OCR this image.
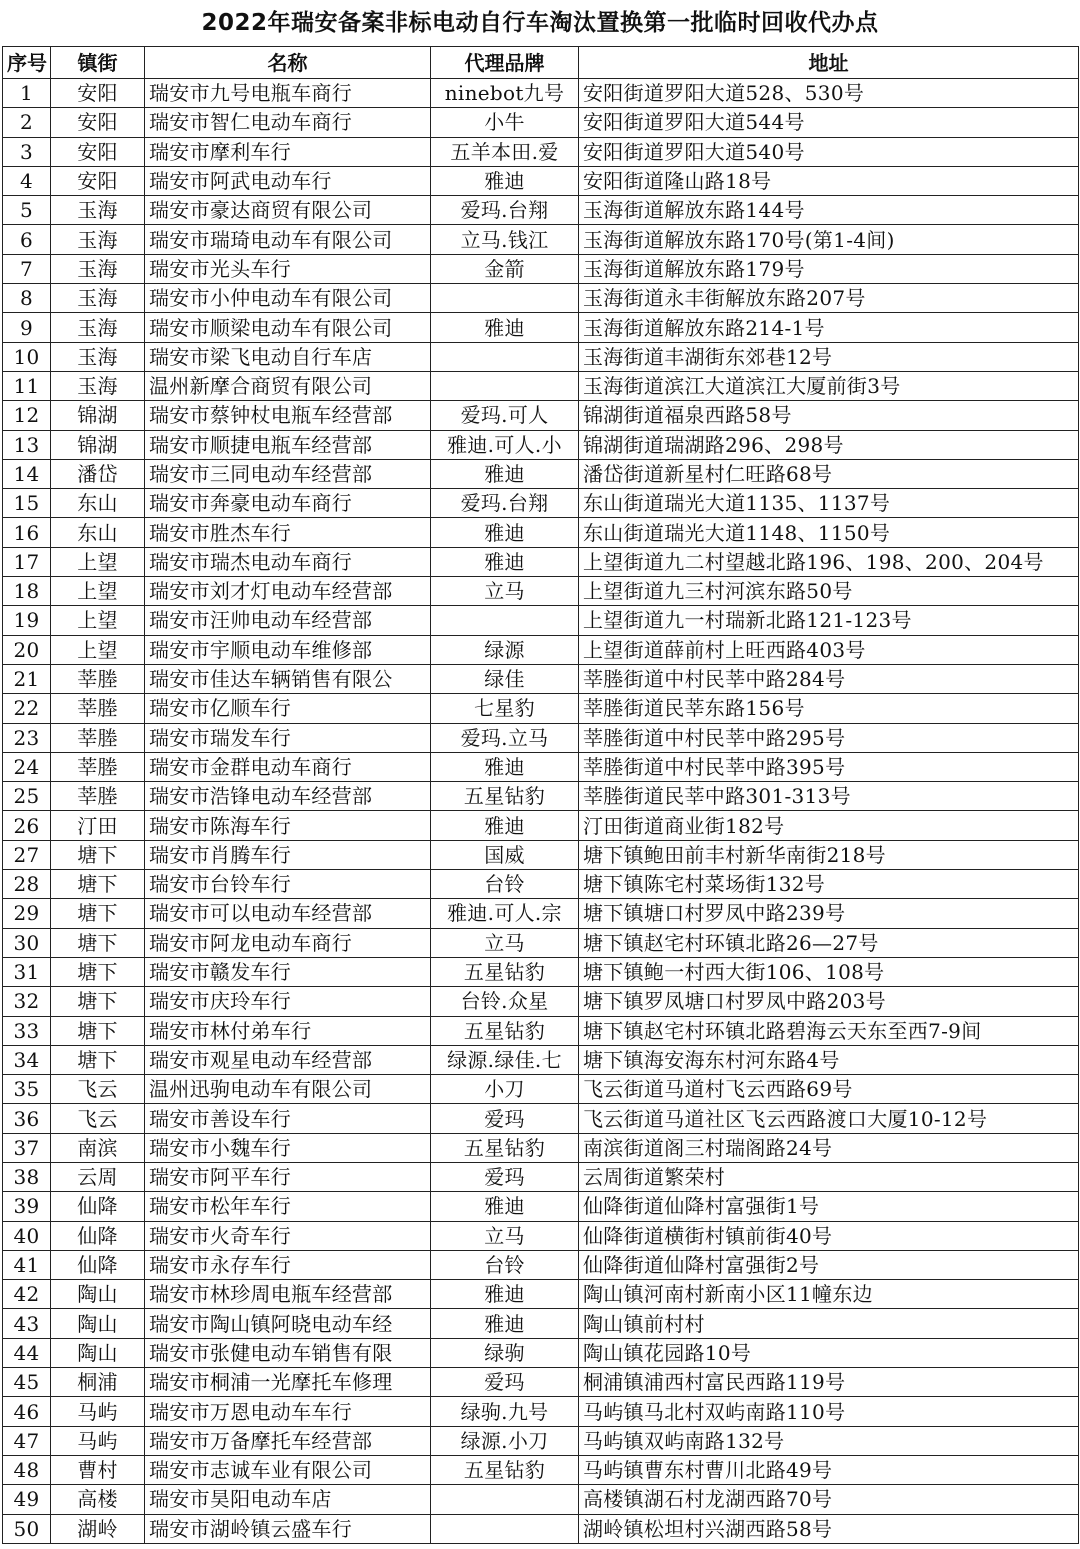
2022年瑞安备案非标电动自行车淘汰置换第一批临时回收代办点
序号	镇街	名称	代理品牌	地址
1	安阳	瑞安市九号电瓶车商行	ninebot九号	安阳街道罗阳大道528、530号
2	安阳	瑞安市智仁电动车商行	小牛	安阳街道罗阳大道544号
3	安阳	瑞安市摩利车行	五羊本田.爱	安阳街道罗阳大道540号
4	安阳	瑞安市阿武电动车行	雅迪	安阳街道隆山路18号
5	玉海	瑞安市豪达商贸有限公司	爱玛.台翔	玉海街道解放东路144号
6	玉海	瑞安市瑞琦电动车有限公司	立马.钱江	玉海街道解放东路170号(第1-4间)
7	玉海	瑞安市光头车行	金箭	玉海街道解放东路179号
8	玉海	瑞安市小仲电动车有限公司		玉海街道永丰街解放东路207号
9	玉海	瑞安市顺梁电动车有限公司	雅迪	玉海街道解放东路214-1号
10	玉海	瑞安市梁飞电动自行车店		玉海街道丰湖街东郊巷12号
11	玉海	温州新摩合商贸有限公司		玉海街道滨江大道滨江大厦前街3号
12	锦湖	瑞安市蔡钟杖电瓶车经营部	爱玛.可人	锦湖街道福泉西路58号
13	锦湖	瑞安市顺捷电瓶车经营部	雅迪.可人.小	锦湖街道瑞湖路296、298号
14	潘岱	瑞安市三同电动车经营部	雅迪	潘岱街道新星村仁旺路68号
15	东山	瑞安市奔豪电动车商行	爱玛.台翔	东山街道瑞光大道1135、1137号
16	东山	瑞安市胜杰车行	雅迪	东山街道瑞光大道1148、1150号
17	上望	瑞安市瑞杰电动车商行	雅迪	上望街道九二村望越北路196、198、200、204号
18	上望	瑞安市刘才灯电动车经营部	立马	上望街道九三村河滨东路50号
19	上望	瑞安市汪帅电动车经营部		上望街道九一村瑞新北路121-123号
20	上望	瑞安市宇顺电动车维修部	绿源	上望街道薛前村上旺西路403号
21	莘塍	瑞安市佳达车辆销售有限公	绿佳	莘塍街道中村民莘中路284号
22	莘塍	瑞安市亿顺车行	七星豹	莘塍街道民莘东路156号
23	莘塍	瑞安市瑞发车行	爱玛.立马	莘塍街道中村民莘中路295号
24	莘塍	瑞安市金群电动车商行	雅迪	莘塍街道中村民莘中路395号
25	莘塍	瑞安市浩锋电动车经营部	五星钻豹	莘塍街道民莘中路301-313号
26	汀田	瑞安市陈海车行	雅迪	汀田街道商业街182号
27	塘下	瑞安市肖腾车行	国威	塘下镇鲍田前丰村新华南街218号
28	塘下	瑞安市台铃车行	台铃	塘下镇陈宅村菜场街132号
29	塘下	瑞安市可以电动车经营部	雅迪.可人.宗	塘下镇塘口村罗凤中路239号
30	塘下	瑞安市阿龙电动车商行	立马	塘下镇赵宅村环镇北路26—27号
31	塘下	瑞安市赣发车行	五星钻豹	塘下镇鲍一村西大街106、108号
32	塘下	瑞安市庆玲车行	台铃.众星	塘下镇罗凤塘口村罗凤中路203号
33	塘下	瑞安市林付弟车行	五星钻豹	塘下镇赵宅村环镇北路碧海云天东至西7-9间
34	塘下	瑞安市观星电动车经营部	绿源.绿佳.七	塘下镇海安海东村河东路4号
35	飞云	温州迅驹电动车有限公司	小刀	飞云街道马道村飞云西路69号
36	飞云	瑞安市善设车行	爱玛	飞云街道马道社区飞云西路渡口大厦10-12号
37	南滨	瑞安市小魏车行	五星钻豹	南滨街道阁三村瑞阁路24号
38	云周	瑞安市阿平车行	爱玛	云周街道繁荣村
39	仙降	瑞安市松年车行	雅迪	仙降街道仙降村富强街1号
40	仙降	瑞安市火奇车行	立马	仙降街道横街村镇前街40号
41	仙降	瑞安市永存车行	台铃	仙降街道仙降村富强街2号
42	陶山	瑞安市林珍周电瓶车经营部	雅迪	陶山镇河南村新南小区11幢东边
43	陶山	瑞安市陶山镇阿晓电动车经	雅迪	陶山镇前村村
44	陶山	瑞安市张健电动车销售有限	绿驹	陶山镇花园路10号
45	桐浦	瑞安市桐浦一光摩托车修理	爱玛	桐浦镇浦西村富民西路119号
46	马屿	瑞安市万恩电动车车行	绿驹.九号	马屿镇马北村双屿南路110号
47	马屿	瑞安市万备摩托车经营部	绿源.小刀	马屿镇双屿南路132号
48	曹村	瑞安市志诚车业有限公司	五星钻豹	马屿镇曹东村曹川北路49号
49	高楼	瑞安市昊阳电动车店		高楼镇湖石村龙湖西路70号
50	湖岭	瑞安市湖岭镇云盛车行		湖岭镇松坦村兴湖西路58号
